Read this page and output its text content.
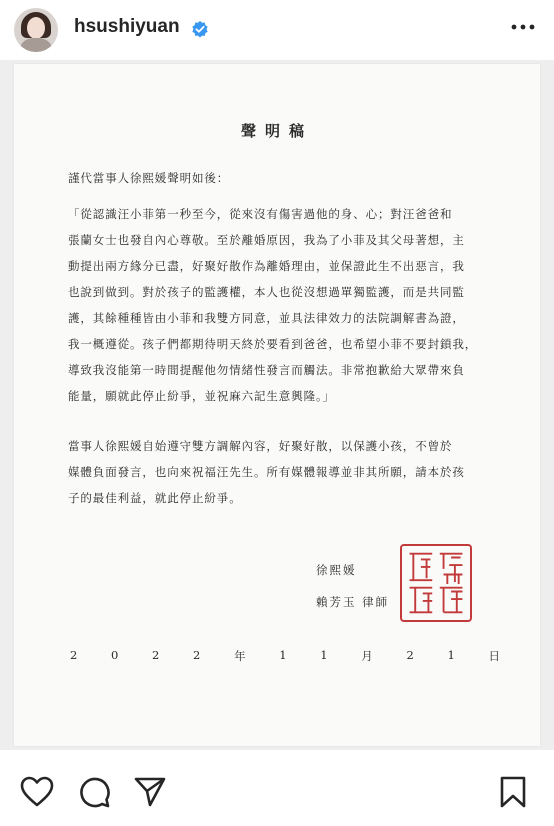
hsushiyuan
聲明稿
謹代當事人徐熙媛聲明如後：
「從認識汪小菲第一秒至今，從來沒有傷害過他的身、心；對汪爸爸和
張蘭女士也發自內心尊敬。至於離婚原因，我為了小菲及其父母著想，主
動提出兩方緣分已盡，好聚好散作為離婚理由，並保證此生不出惡言，我
也說到做到。對於孩子的監護權，本人也從沒想過單獨監護，而是共同監
護，其餘種種皆由小菲和我雙方同意，並具法律效力的法院調解書為證，
我一概遵從。孩子們都期待明天終於要看到爸爸，也希望小菲不要封鎖我，
導致我沒能第一時間提醒他勿情緒性發言而觸法。非常抱歉給大眾帶來負
能量，願就此停止紛爭，並祝麻六記生意興隆。」
當事人徐熙媛自始遵守雙方調解內容，好聚好散，以保護小孩，不曾於
媒體負面發言，也向來祝福汪先生。所有媒體報導並非其所願，請本於孩
子的最佳利益，就此停止紛爭。
徐熙媛
賴芳玉 律師
2	0	2	2	年	1	1	月	2	1	日
